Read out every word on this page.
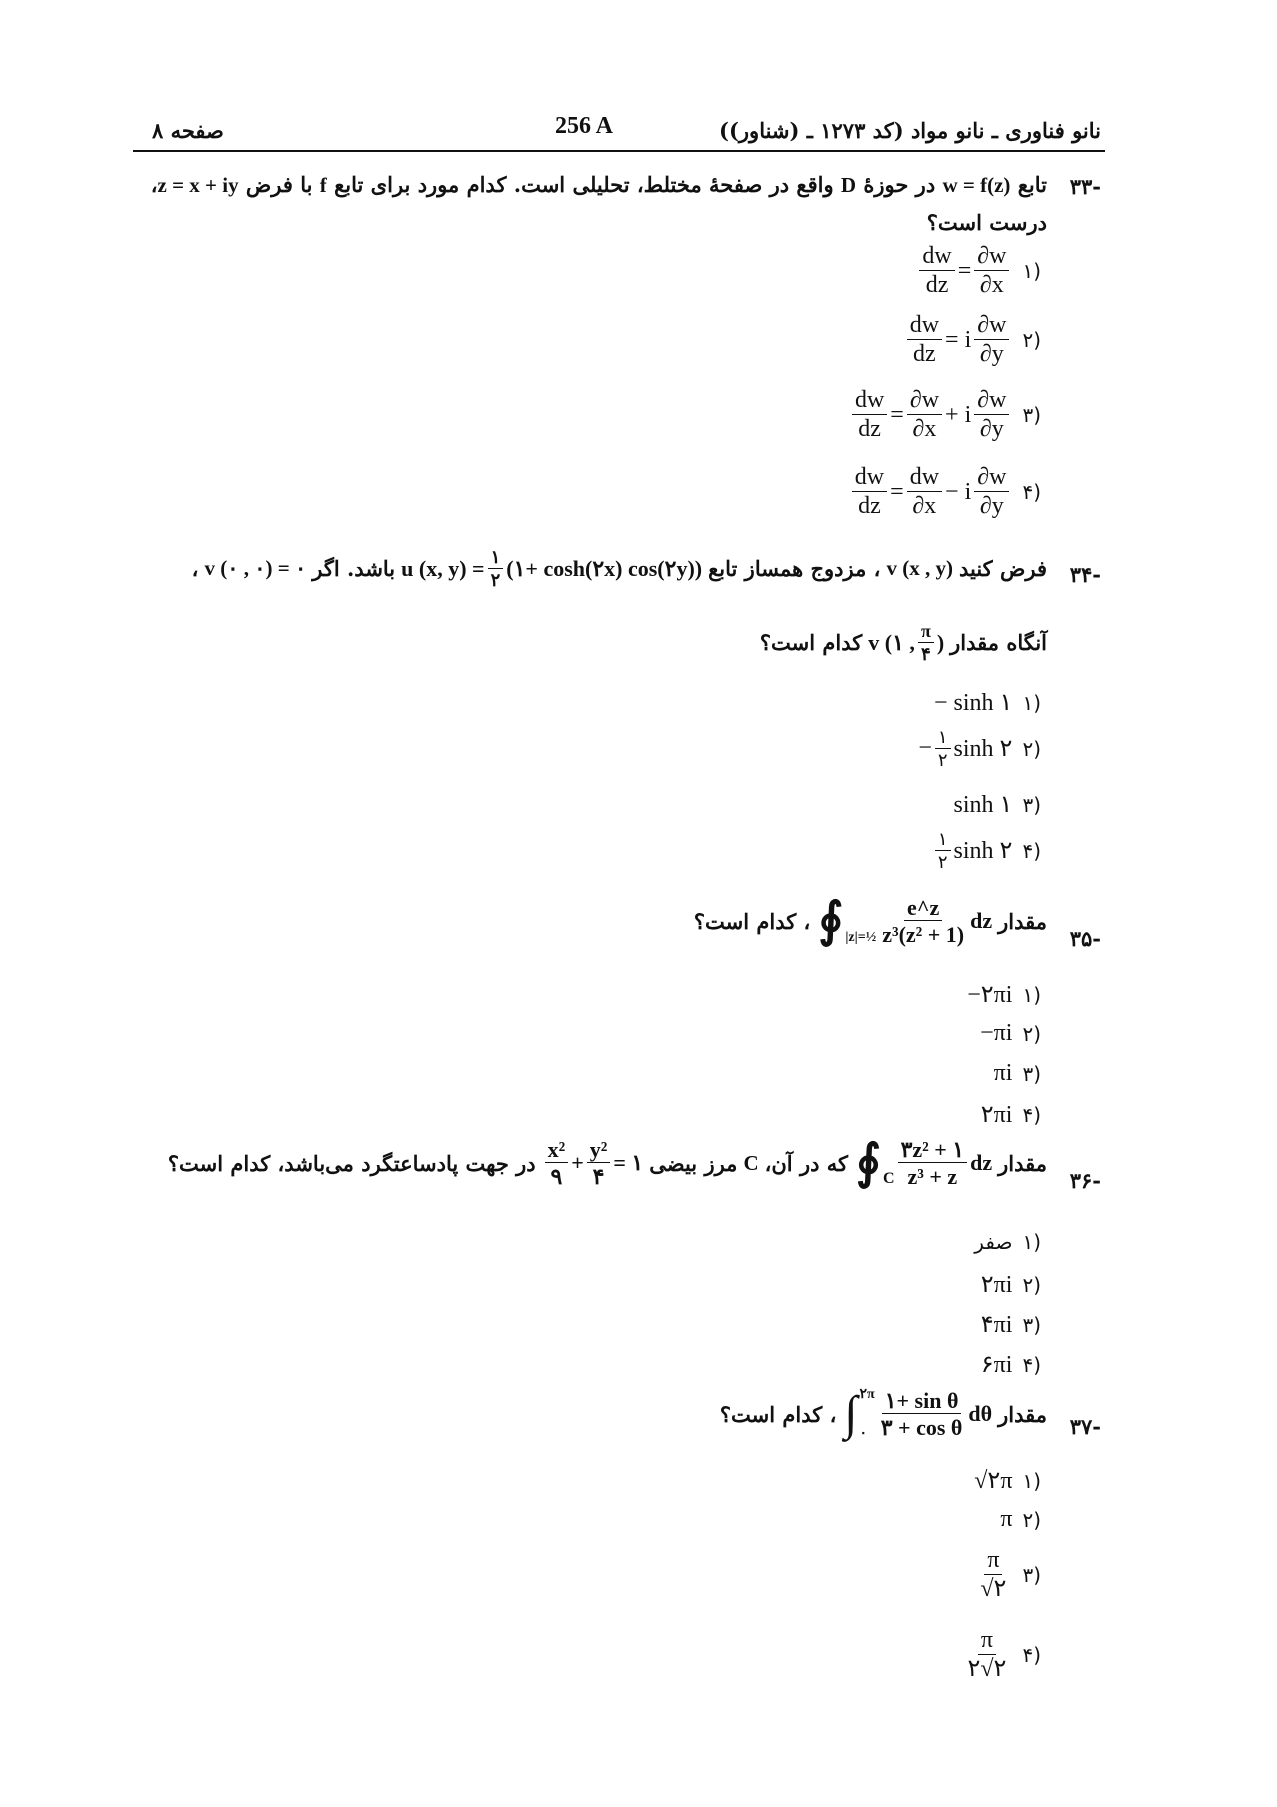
نانو فناوری ـ نانو مواد (کد ۱۲۷۳ ـ (شناور))
256 A
صفحه ۸
-۳۳
تابع w = f(z) در حوزهٔ D واقع در صفحهٔ مختلط، تحلیلی است. کدام مورد برای تابع f با فرض z = x + iy،
درست است؟
(۱
$\frac{dw}{dz} = \frac{\partial w}{\partial x}$
(۲
$\frac{dw}{dz} = i \frac{\partial w}{\partial y}$
(۳
$\frac{dw}{dz} = \frac{\partial w}{\partial x} + i \frac{\partial w}{\partial y}$
(۴
$\frac{dw}{dz} = \frac{dw}{\partial x} - i \frac{\partial w}{\partial y}$
-۳۴
فرض کنید
v (x , y)
، مزدوج همساز تابع
u (x, $y) = \frac{۱}{۲}$ (۱+ cosh(۲x) cos(۲y))
باشد. اگر
v (۰ , ۰) = ۰
،
آنگاه مقدار
v (۱ , $\frac{\pi}{۴}$ )
کدام است؟
(۱
− sinh ۱
(۲
− $\frac{۱}{۲}$ sinh ۲
(۳
sinh ۱
(۴
$\frac{۱}{۲}$ sinh ۲
-۳۵
مقدار
∮ |z|=½ $\frac{e\^{}z}{\text{z³(z² + 1)}}$ dz
، کدام است؟
(۱
−۲πi
(۲
−πi
(۳
πi
(۴
۲πi
-۳۶
مقدار
∮ C $\frac{\text{۳z² + ۱}}{\text{z³ + z}}$ dz
که در آن،
C
مرز بیضی
$\frac{\text{x²}}{۹} + \frac{\text{y²}}{۴}$ = ۱
در جهت پادساعتگرد می‌باشد، کدام است؟
(۱
صفر
(۲
۲πi
(۳
۴πi
(۴
۶πi
-۳۷
مقدار
∫ ۲π
۰ $\frac{\text{۱+ sin θ}}{\text{۳ + cos θ}}$ dθ
، کدام است؟
(۱
√۲π
(۲
π
(۳
$\frac{\pi}{√۲}$
(۴
$\frac{\pi}{۲√۲}$
